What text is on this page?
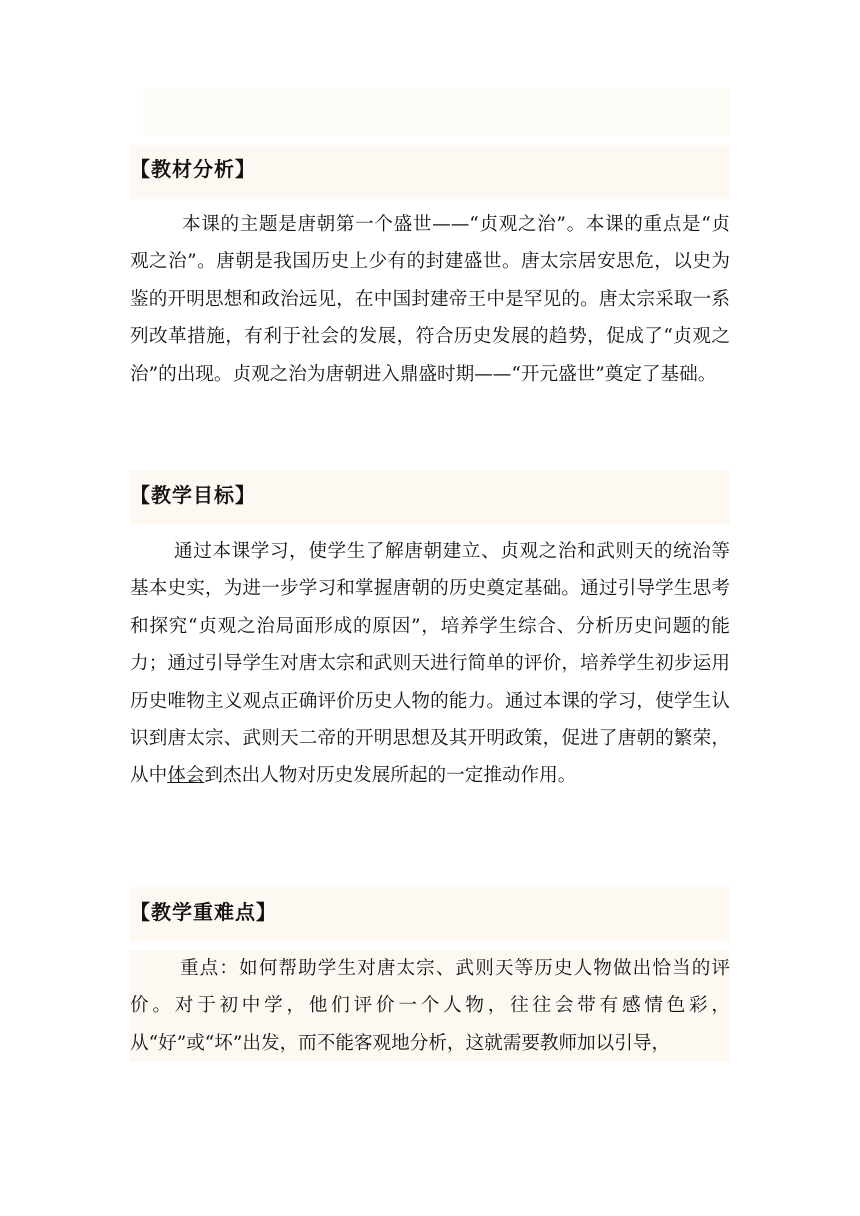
【教材分析】

本课的主题是唐朝第一个盛世——“贞观之治”。本课的重点是“贞观之治”。唐朝是我国历史上少有的封建盛世。唐太宗居安思危，以史为鉴的开明思想和政治远见，在中国封建帝王中是罕见的。唐太宗采取一系列改革措施，有利于社会的发展，符合历史发展的趋势，促成了“贞观之治”的出现。贞观之治为唐朝进入鼎盛时期——“开元盛世”奠定了基础。

【教学目标】

通过本课学习，使学生了解唐朝建立、贞观之治和武则天的统治等基本史实，为进一步学习和掌握唐朝的历史奠定基础。通过引导学生思考和探究“贞观之治局面形成的原因”，培养学生综合、分析历史问题的能力；通过引导学生对唐太宗和武则天进行简单的评价，培养学生初步运用历史唯物主义观点正确评价历史人物的能力。通过本课的学习，使学生认识到唐太宗、武则天二帝的开明思想及其开明政策，促进了唐朝的繁荣，从中体会到杰出人物对历史发展所起的一定推动作用。

【教学重难点】

重点：如何帮助学生对唐太宗、武则天等历史人物做出恰当的评价。对于初中学，他们评价一个人物，往往会带有感情色彩，从“好”或“坏”出发，而不能客观地分析，这就需要教师加以引导，
